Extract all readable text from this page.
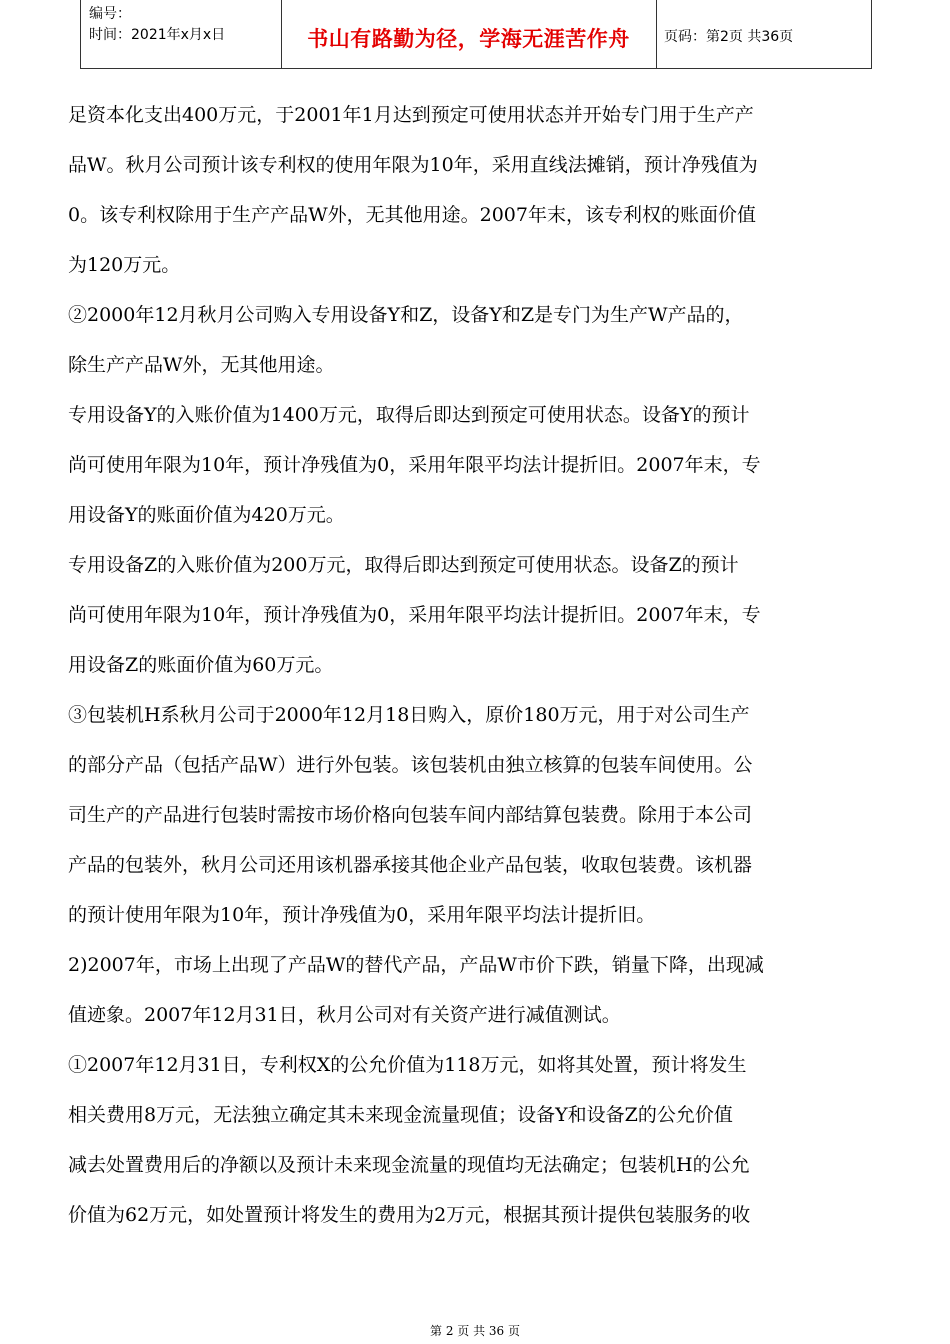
编号：
时间：2021年x月x日	书山有路勤为径，学海无涯苦作舟	页码：第2页 共36页
足资本化支出400万元，于2001年1月达到预定可使用状态并开始专门用于生产产
品W。秋月公司预计该专利权的使用年限为10年，采用直线法摊销，预计净残值为
0。该专利权除用于生产产品W外，无其他用途。2007年末，该专利权的账面价值
为120万元。
②2000年12月秋月公司购入专用设备Y和Z，设备Y和Z是专门为生产W产品的，
除生产产品W外，无其他用途。
专用设备Y的入账价值为1400万元，取得后即达到预定可使用状态。设备Y的预计
尚可使用年限为10年，预计净残值为0，采用年限平均法计提折旧。2007年末，专
用设备Y的账面价值为420万元。
专用设备Z的入账价值为200万元，取得后即达到预定可使用状态。设备Z的预计
尚可使用年限为10年，预计净残值为0，采用年限平均法计提折旧。2007年末，专
用设备Z的账面价值为60万元。
③包装机H系秋月公司于2000年12月18日购入，原价180万元，用于对公司生产
的部分产品（包括产品W）进行外包装。该包装机由独立核算的包装车间使用。公
司生产的产品进行包装时需按市场价格向包装车间内部结算包装费。除用于本公司
产品的包装外，秋月公司还用该机器承接其他企业产品包装，收取包装费。该机器
的预计使用年限为10年，预计净残值为0，采用年限平均法计提折旧。
2)2007年，市场上出现了产品W的替代产品，产品W市价下跌，销量下降，出现减
值迹象。2007年12月31日，秋月公司对有关资产进行减值测试。
①2007年12月31日，专利权X的公允价值为118万元，如将其处置，预计将发生
相关费用8万元，无法独立确定其未来现金流量现值；设备Y和设备Z的公允价值
减去处置费用后的净额以及预计未来现金流量的现值均无法确定；包装机H的公允
价值为62万元，如处置预计将发生的费用为2万元，根据其预计提供包装服务的收
第 2 页 共 36 页
